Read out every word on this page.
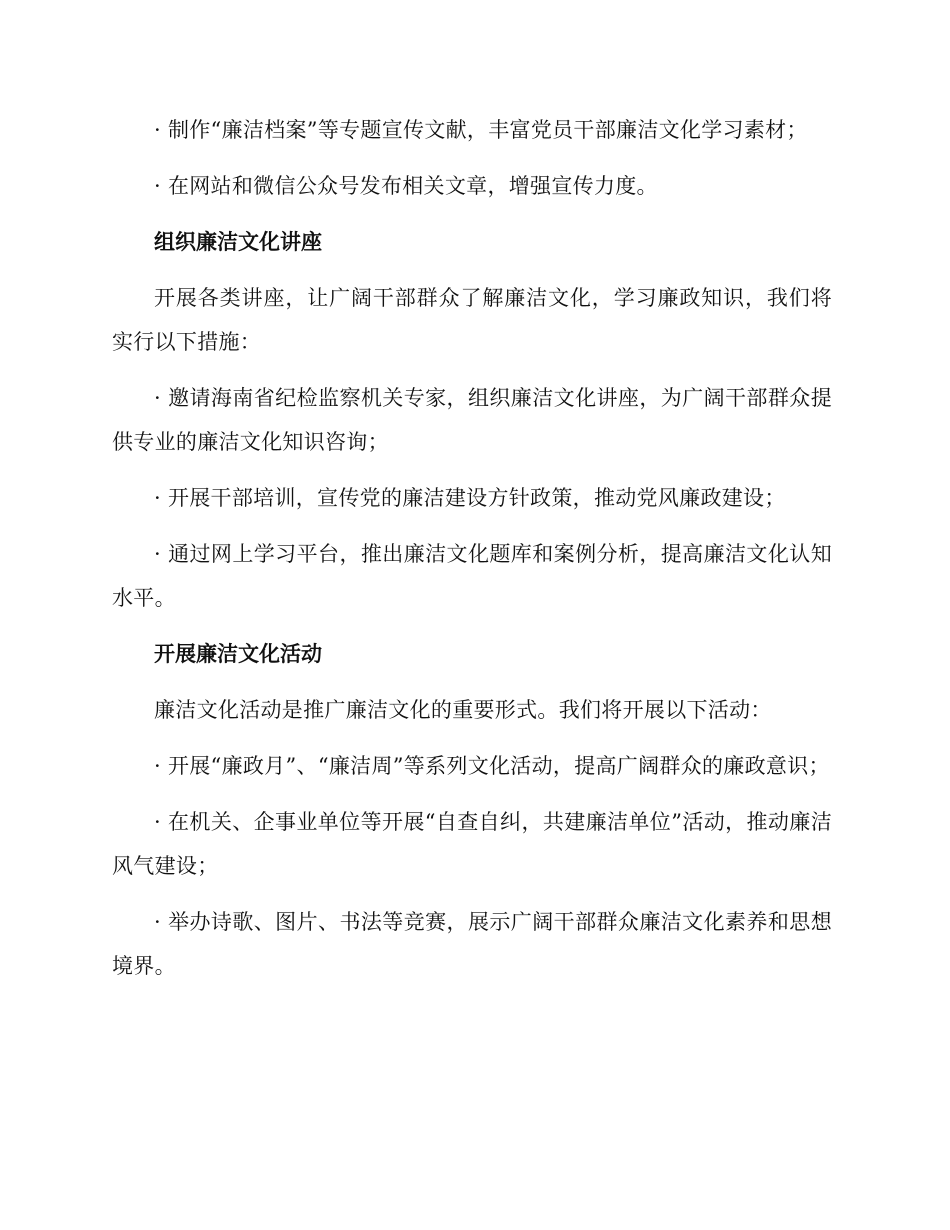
· 制作“廉洁档案”等专题宣传文献，丰富党员干部廉洁文化学习素材；

· 在网站和微信公众号发布相关文章，增强宣传力度。

组织廉洁文化讲座

开展各类讲座，让广阔干部群众了解廉洁文化，学习廉政知识，我们将实行以下措施：

· 邀请海南省纪检监察机关专家，组织廉洁文化讲座，为广阔干部群众提供专业的廉洁文化知识咨询；

· 开展干部培训，宣传党的廉洁建设方针政策，推动党风廉政建设；

· 通过网上学习平台，推出廉洁文化题库和案例分析，提高廉洁文化认知水平。

开展廉洁文化活动

廉洁文化活动是推广廉洁文化的重要形式。我们将开展以下活动：

· 开展“廉政月”、“廉洁周”等系列文化活动，提高广阔群众的廉政意识；

· 在机关、企事业单位等开展“自查自纠，共建廉洁单位”活动，推动廉洁风气建设；

· 举办诗歌、图片、书法等竞赛，展示广阔干部群众廉洁文化素养和思想境界。
